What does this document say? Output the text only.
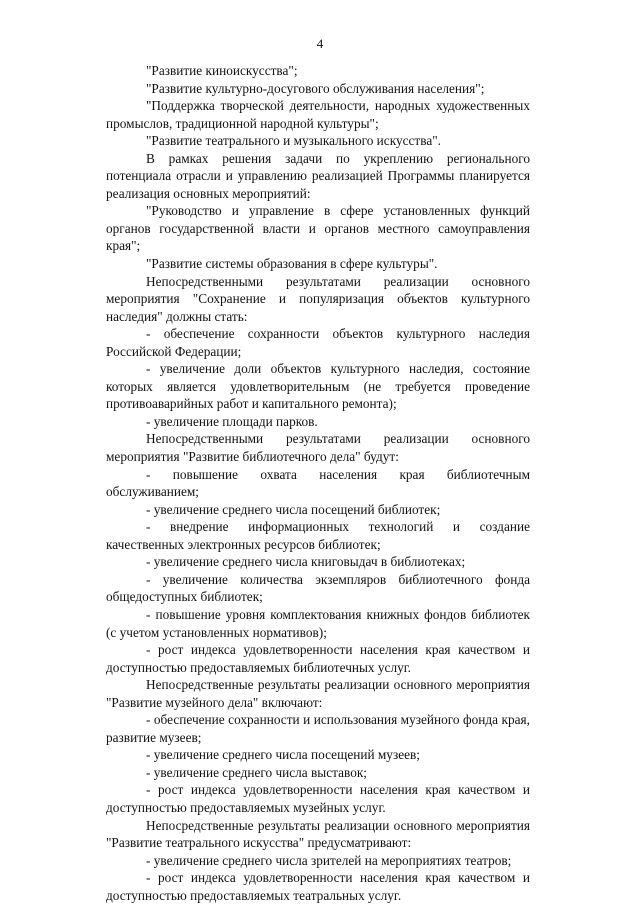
4

"Развитие киноискусства";

"Развитие культурно-досугового обслуживания населения";

"Поддержка творческой деятельности, народных художественных промыслов, традиционной народной культуры";

"Развитие театрального и музыкального искусства".

В рамках решения задачи по укреплению регионального потенциала отрасли и управлению реализацией Программы планируется реализация основных мероприятий:

"Руководство и управление в сфере установленных функций органов государственной власти и органов местного самоуправления края";

"Развитие системы образования в сфере культуры".

Непосредственными результатами реализации основного мероприятия "Сохранение и популяризация объектов культурного наследия" должны стать:

- обеспечение сохранности объектов культурного наследия Российской Федерации;

- увеличение доли объектов культурного наследия, состояние которых является удовлетворительным (не требуется проведение противоаварийных работ и капитального ремонта);

- увеличение площади парков.

Непосредственными результатами реализации основного мероприятия "Развитие библиотечного дела" будут:

- повышение охвата населения края библиотечным обслуживанием;

- увеличение среднего числа посещений библиотек;

- внедрение информационных технологий и создание качественных электронных ресурсов библиотек;

- увеличение среднего числа книговыдач в библиотеках;

- увеличение количества экземпляров библиотечного фонда общедоступных библиотек;

- повышение уровня комплектования книжных фондов библиотек (с учетом установленных нормативов);

- рост индекса удовлетворенности населения края качеством и доступностью предоставляемых библиотечных услуг.

Непосредственные результаты реализации основного мероприятия "Развитие музейного дела" включают:

- обеспечение сохранности и использования музейного фонда края, развитие музеев;

- увеличение среднего числа посещений музеев;

- увеличение среднего числа выставок;

- рост индекса удовлетворенности населения края качеством и доступностью предоставляемых музейных услуг.

Непосредственные результаты реализации основного мероприятия "Развитие театрального искусства" предусматривают:

- увеличение среднего числа зрителей на мероприятиях театров;

- рост индекса удовлетворенности населения края качеством и доступностью предоставляемых театральных услуг.
